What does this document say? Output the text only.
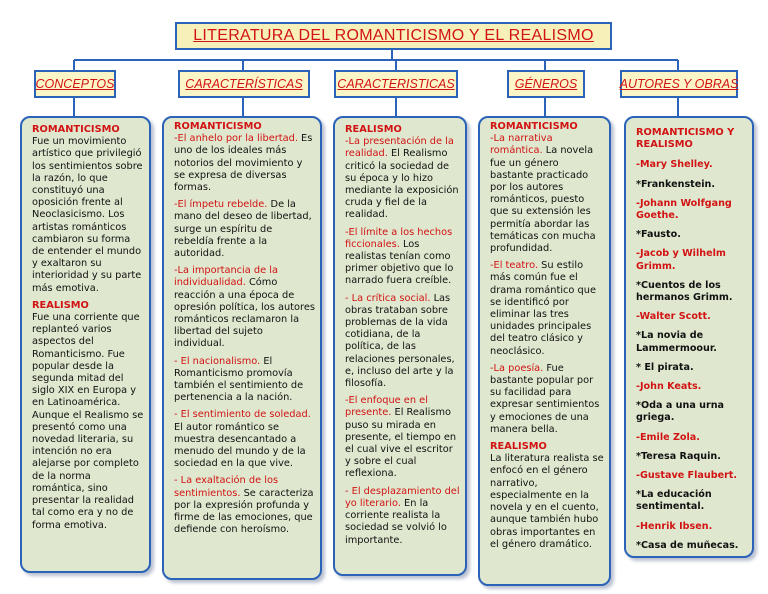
LITERATURA DEL ROMANTICISMO Y EL REALISMO
CONCEPTOS	CARACTERÍSTICAS	CARACTERISTICAS	GÉNEROS	AUTORES Y OBRAS
ROMANTICISMO

Fue un movimiento artístico que privilegió los sentimientos sobre la razón, lo que constituyó una oposición frente al Neoclasicismo. Los artistas románticos cambiaron su forma de entender el mundo y exaltaron su interioridad y su parte más emotiva.

REALISMO

Fue una corriente que replanteó varios aspectos del Romanticismo. Fue popular desde la segunda mitad del siglo XIX en Europa y en Latinoamérica. Aunque el Realismo se presentó como una novedad literaria, su intención no era alejarse por completo de la norma romántica, sino presentar la realidad tal como era y no de forma emotiva.

ROMANTICISMO

-El anhelo por la libertad. Es uno de los ideales más notorios del movimiento y se expresa de diversas formas.

-El ímpetu rebelde. De la mano del deseo de libertad, surge un espíritu de rebeldía frente a la autoridad.

-La importancia de la individualidad. Cómo reacción a una época de opresión política, los autores románticos reclamaron la libertad del sujeto individual.

- El nacionalismo. El Romanticismo promovía también el sentimiento de pertenencia a la nación.

- El sentimiento de soledad. El autor romántico se muestra desencantado a menudo del mundo y de la sociedad en la que vive.

- La exaltación de los sentimientos. Se caracteriza por la expresión profunda y firme de las emociones, que defiende con heroísmo.

REALISMO

-La presentación de la realidad. El Realismo criticó la sociedad de su época y lo hizo mediante la exposición cruda y fiel de la realidad.

-El límite a los hechos ficcionales. Los realistas tenían como primer objetivo que lo narrado fuera creíble.

- La crítica social. Las obras trataban sobre problemas de la vida cotidiana, de la política, de las relaciones personales, e, incluso del arte y la filosofía.

-El enfoque en el presente. El Realismo puso su mirada en presente, el tiempo en el cual vive el escritor y sobre el cual reflexiona.

- El desplazamiento del yo literario. En la corriente realista la sociedad se volvió lo importante.

ROMANTICISMO

-La narrativa romántica. La novela fue un género bastante practicado por los autores románticos, puesto que su extensión les permitía abordar las temáticas con mucha profundidad.

-El teatro. Su estilo más común fue el drama romántico que se identificó por eliminar las tres unidades principales del teatro clásico y neoclásico.

-La poesía. Fue bastante popular por su facilidad para expresar sentimientos y emociones de una manera bella.

REALISMO

La literatura realista se enfocó en el género narrativo, especialmente en la novela y en el cuento, aunque también hubo obras importantes en el género dramático.

ROMANTICISMO Y REALISMO
-Mary Shelley.
*Frankenstein.
-Johann Wolfgang Goethe.
*Fausto.
-Jacob y Wilhelm Grimm.
*Cuentos de los hermanos Grimm.
-Walter Scott.
*La novia de Lammermoour.
* El pirata.
-John Keats.
*Oda a una urna griega.
-Emile Zola.
*Teresa Raquin.
-Gustave Flaubert.
*La educación sentimental.
-Henrik Ibsen.
*Casa de muñecas.
